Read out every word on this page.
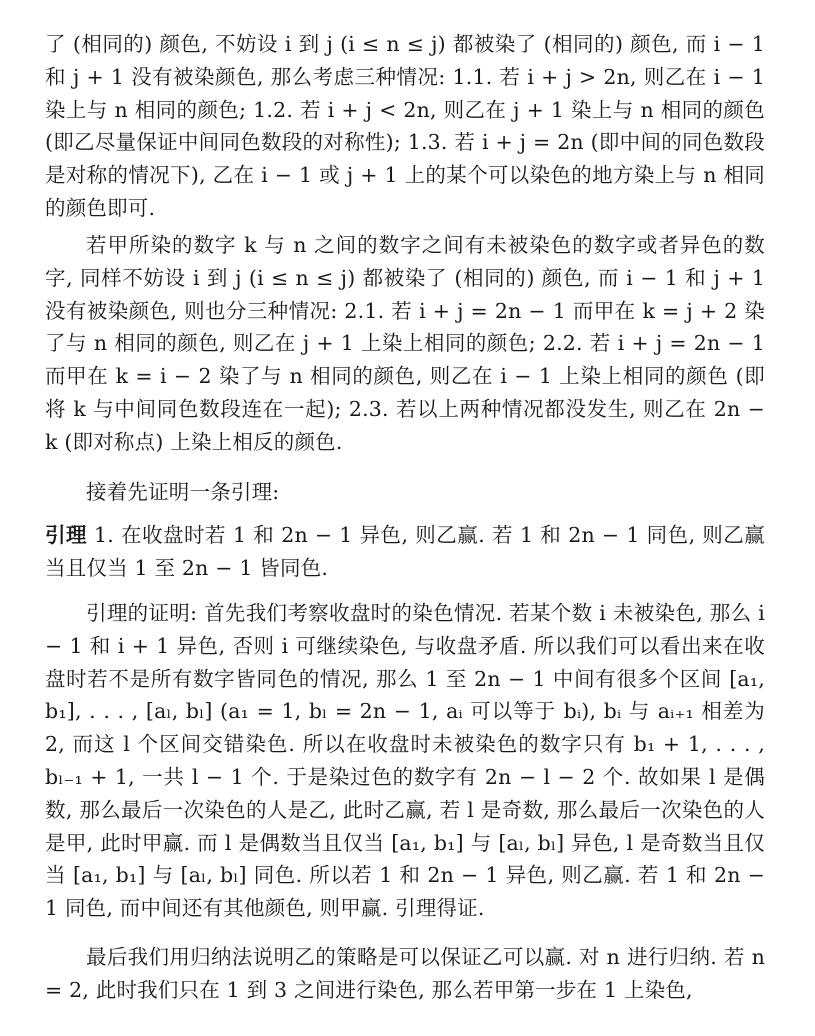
了 (相同的) 颜色, 不妨设 i 到 j (i ≤ n ≤ j) 都被染了 (相同的) 颜色, 而 i − 1 和 j + 1 没有被染颜色, 那么考虑三种情况: 1.1. 若 i + j > 2n, 则乙在 i − 1 染上与 n 相同的颜色; 1.2. 若 i + j < 2n, 则乙在 j + 1 染上与 n 相同的颜色 (即乙尽量保证中间同色数段的对称性); 1.3. 若 i + j = 2n (即中间的同色数段是对称的情况下), 乙在 i − 1 或 j + 1 上的某个可以染色的地方染上与 n 相同的颜色即可.

若甲所染的数字 k 与 n 之间的数字之间有未被染色的数字或者异色的数字, 同样不妨设 i 到 j (i ≤ n ≤ j) 都被染了 (相同的) 颜色, 而 i − 1 和 j + 1 没有被染颜色, 则也分三种情况: 2.1. 若 i + j = 2n − 1 而甲在 k = j + 2 染了与 n 相同的颜色, 则乙在 j + 1 上染上相同的颜色; 2.2. 若 i + j = 2n − 1 而甲在 k = i − 2 染了与 n 相同的颜色, 则乙在 i − 1 上染上相同的颜色 (即将 k 与中间同色数段连在一起); 2.3. 若以上两种情况都没发生, 则乙在 2n − k (即对称点) 上染上相反的颜色.

接着先证明一条引理:

引理 1. 在收盘时若 1 和 2n − 1 异色, 则乙赢. 若 1 和 2n − 1 同色, 则乙赢当且仅当 1 至 2n − 1 皆同色.

引理的证明: 首先我们考察收盘时的染色情况. 若某个数 i 未被染色, 那么 i − 1 和 i + 1 异色, 否则 i 可继续染色, 与收盘矛盾. 所以我们可以看出来在收盘时若不是所有数字皆同色的情况, 那么 1 至 2n − 1 中间有很多个区间 [a₁, b₁], . . . , [aₗ, bₗ] (a₁ = 1, bₗ = 2n − 1, aᵢ 可以等于 bᵢ), bᵢ 与 aᵢ₊₁ 相差为 2, 而这 l 个区间交错染色. 所以在收盘时未被染色的数字只有 b₁ + 1, . . . , bₗ₋₁ + 1, 一共 l − 1 个. 于是染过色的数字有 2n − l − 2 个. 故如果 l 是偶数, 那么最后一次染色的人是乙, 此时乙赢, 若 l 是奇数, 那么最后一次染色的人是甲, 此时甲赢. 而 l 是偶数当且仅当 [a₁, b₁] 与 [aₗ, bₗ] 异色, l 是奇数当且仅当 [a₁, b₁] 与 [aₗ, bₗ] 同色. 所以若 1 和 2n − 1 异色, 则乙赢. 若 1 和 2n − 1 同色, 而中间还有其他颜色, 则甲赢. 引理得证.

最后我们用归纳法说明乙的策略是可以保证乙可以赢. 对 n 进行归纳. 若 n = 2, 此时我们只在 1 到 3 之间进行染色, 那么若甲第一步在 1 上染色,
